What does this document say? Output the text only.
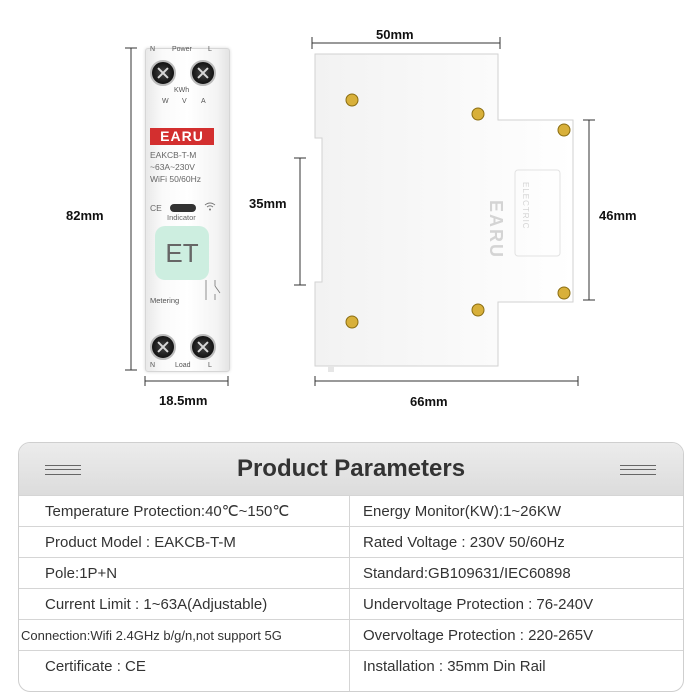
82mm
18.5mm
50mm
66mm
35mm
46mm
N Power L
KWh
W V A
EARU
EAKCB-T-M
~63A~230V
WiFi 50/60Hz
CE
Indicator
ET
Metering
N	Load L
EARU ELECTRIC
Product Parameters
Temperature Protection:40℃~150℃	Energy Monitor(KW):1~26KW
Product Model : EAKCB-T-M	Rated Voltage : 230V 50/60Hz
Pole:1P+N	Standard:GB109631/IEC60898
Current Limit : 1~63A(Adjustable)	Undervoltage Protection : 76-240V
Connection:Wifi 2.4GHz b/g/n,not support 5G	Overvoltage Protection : 220-265V
Certificate : CE	Installation : 35mm Din Rail
